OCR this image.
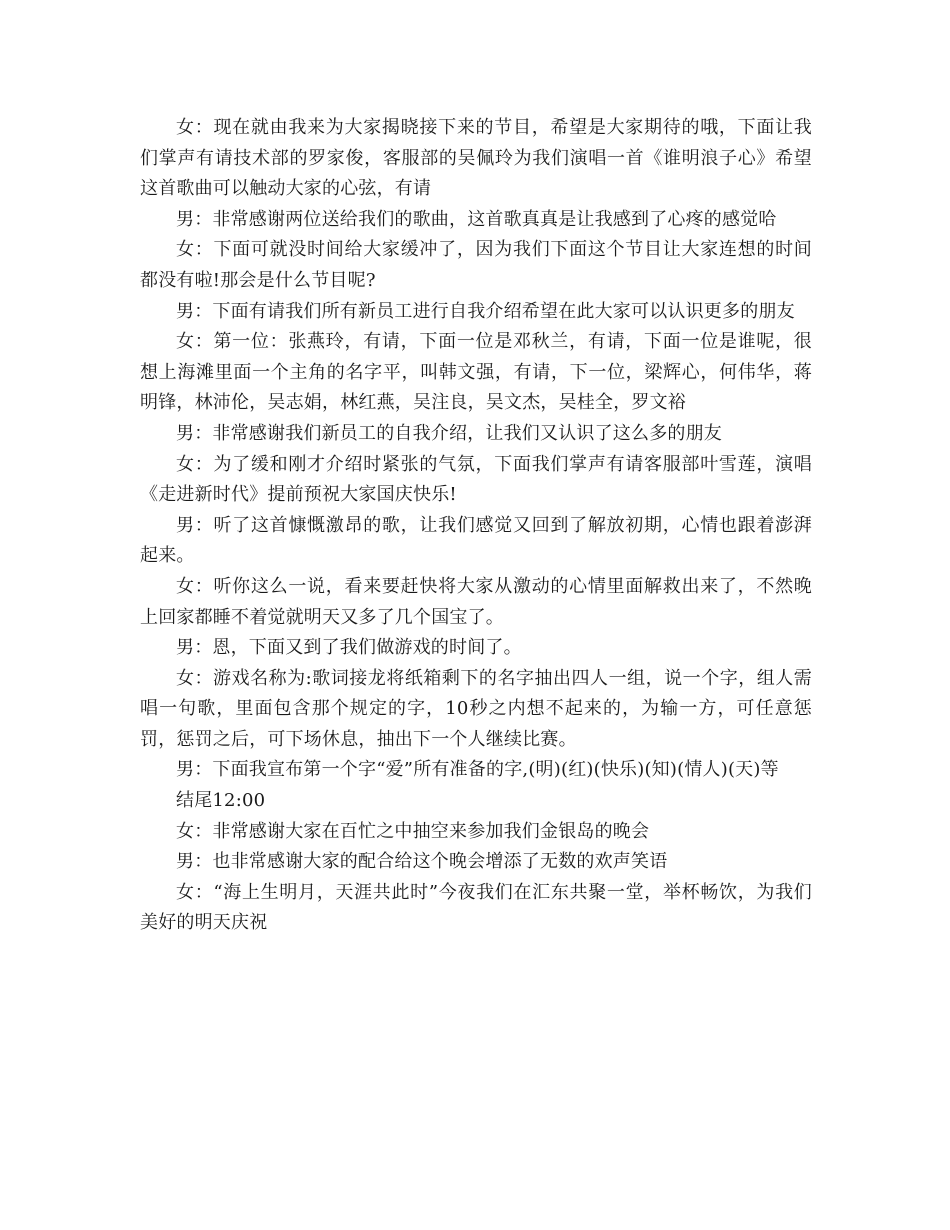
女：现在就由我来为大家揭晓接下来的节目，希望是大家期待的哦，下面让我们掌声有请技术部的罗家俊，客服部的吴佩玲为我们演唱一首《谁明浪子心》希望这首歌曲可以触动大家的心弦，有请

男：非常感谢两位送给我们的歌曲，这首歌真真是让我感到了心疼的感觉哈

女：下面可就没时间给大家缓冲了，因为我们下面这个节目让大家连想的时间都没有啦!那会是什么节目呢?

男：下面有请我们所有新员工进行自我介绍希望在此大家可以认识更多的朋友

女：第一位：张燕玲，有请，下面一位是邓秋兰，有请，下面一位是谁呢，很想上海滩里面一个主角的名字平，叫韩文强，有请，下一位，梁辉心，何伟华，蒋明锋，林沛伦，吴志娟，林红燕，吴注良，吴文杰，吴桂全，罗文裕

男：非常感谢我们新员工的自我介绍，让我们又认识了这么多的朋友

女：为了缓和刚才介绍时紧张的气氛，下面我们掌声有请客服部叶雪莲，演唱《走进新时代》提前预祝大家国庆快乐!

男：听了这首慷慨激昂的歌，让我们感觉又回到了解放初期，心情也跟着澎湃起来。

女：听你这么一说，看来要赶快将大家从激动的心情里面解救出来了，不然晚上回家都睡不着觉就明天又多了几个国宝了。

男：恩，下面又到了我们做游戏的时间了。

女：游戏名称为:歌词接龙将纸箱剩下的名字抽出四人一组，说一个字，组人需唱一句歌，里面包含那个规定的字，10秒之内想不起来的，为输一方，可任意惩罚，惩罚之后，可下场休息，抽出下一个人继续比赛。

男：下面我宣布第一个字“爱”所有准备的字,(明)(红)(快乐)(知)(情人)(天)等

结尾12:00

女：非常感谢大家在百忙之中抽空来参加我们金银岛的晚会

男：也非常感谢大家的配合给这个晚会增添了无数的欢声笑语

女：“海上生明月，天涯共此时”今夜我们在汇东共聚一堂，举杯畅饮，为我们美好的明天庆祝
